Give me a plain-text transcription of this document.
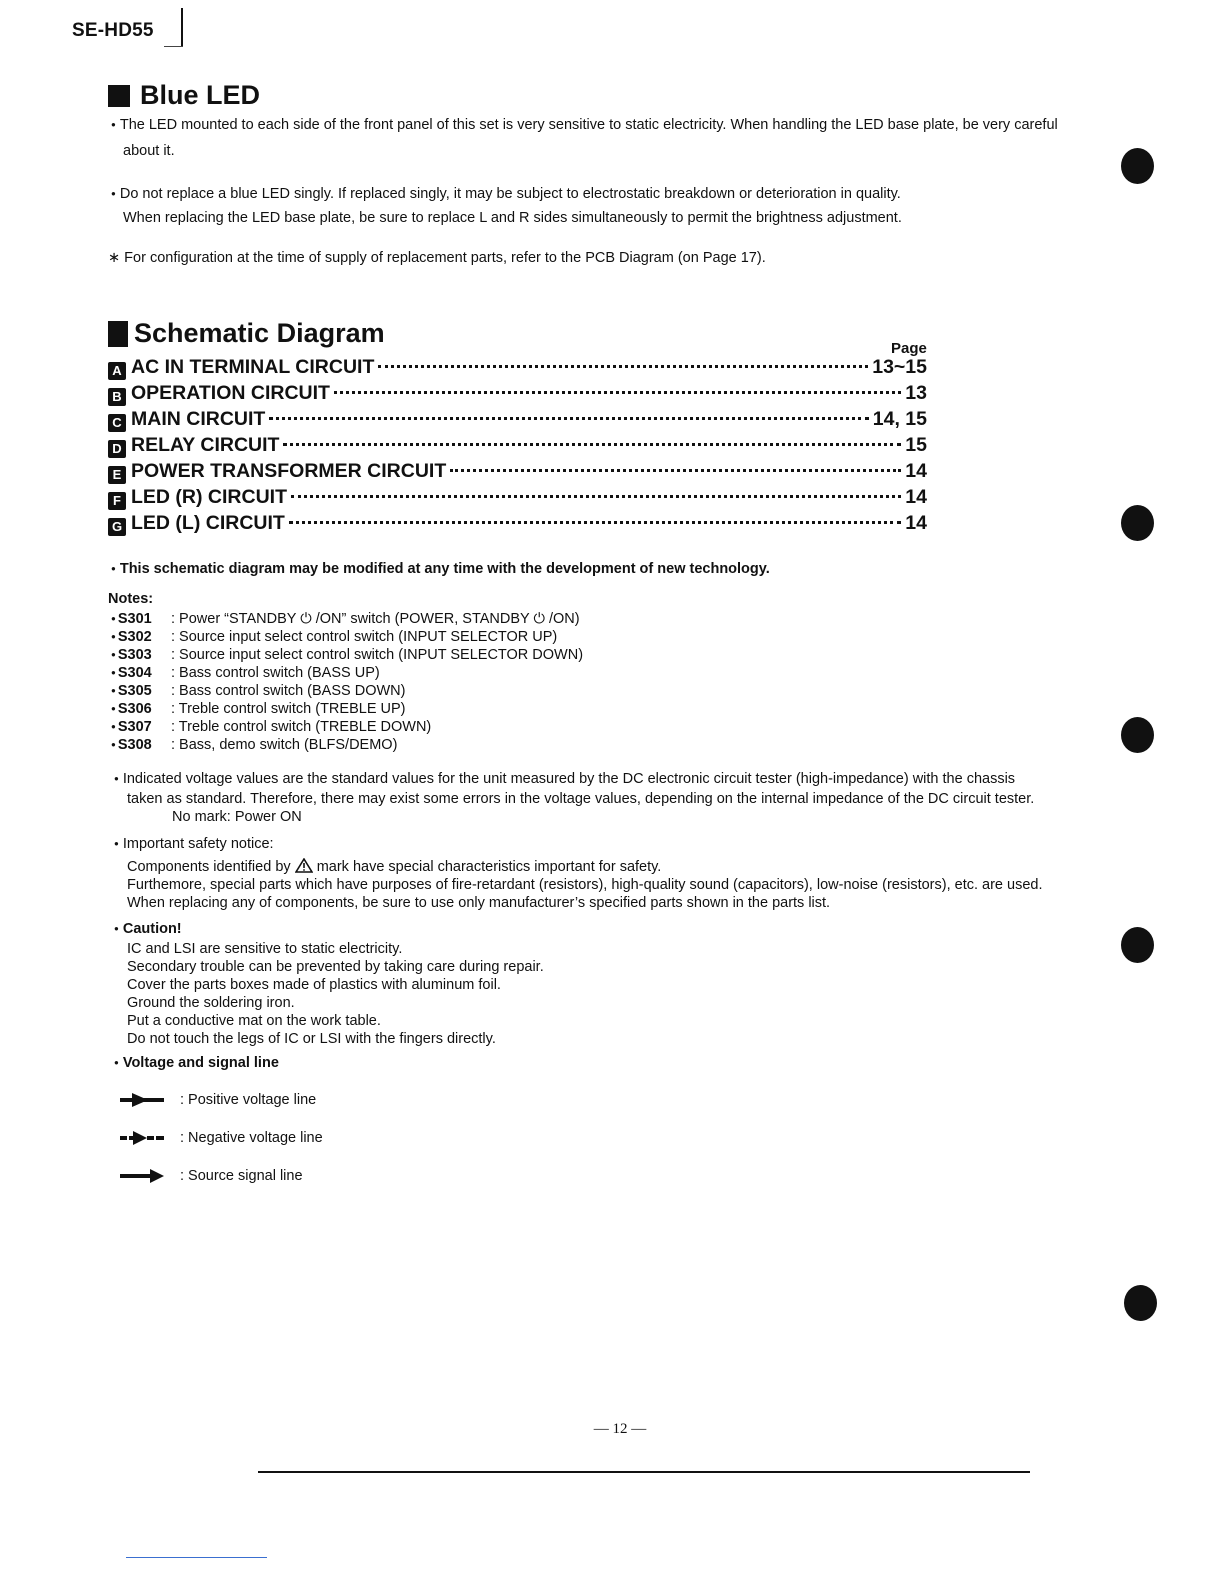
SE-HD55
Blue LED
● The LED mounted to each side of the front panel of this set is very sensitive to static electricity. When handling the LED base plate, be very careful
about it.
● Do not replace a blue LED singly. If replaced singly, it may be subject to electrostatic breakdown or deterioration in quality.
When replacing the LED base plate, be sure to replace L and R sides simultaneously to permit the brightness adjustment.
∗ For configuration at the time of supply of replacement parts, refer to the PCB Diagram (on Page 17).
Schematic Diagram
Page
A AC IN TERMINAL CIRCUIT	13~15
B OPERATION CIRCUIT	13
C MAIN CIRCUIT	14, 15
D RELAY CIRCUIT	15
E POWER TRANSFORMER CIRCUIT	14
F LED (R) CIRCUIT	14
G LED (L) CIRCUIT	14
● This schematic diagram may be modified at any time with the development of new technology.
Notes:
● S301	: Power “STANDBY ⏻ /ON” switch (POWER, STANDBY ⏻ /ON)
● S302	: Source input select control switch (INPUT SELECTOR UP)
● S303	: Source input select control switch (INPUT SELECTOR DOWN)
● S304	: Bass control switch (BASS UP)
● S305	: Bass control switch (BASS DOWN)
● S306	: Treble control switch (TREBLE UP)
● S307	: Treble control switch (TREBLE DOWN)
● S308	: Bass, demo switch (BLFS/DEMO)
● Indicated voltage values are the standard values for the unit measured by the DC electronic circuit tester (high-impedance) with the chassis
taken as standard. Therefore, there may exist some errors in the voltage values, depending on the internal impedance of the DC circuit tester.
No mark: Power ON
● Important safety notice:
Components identified by mark have special characteristics important for safety.
Furthemore, special parts which have purposes of fire-retardant (resistors), high-quality sound (capacitors), low-noise (resistors), etc. are used.
When replacing any of components, be sure to use only manufacturer’s specified parts shown in the parts list.
● Caution!
IC and LSI are sensitive to static electricity.
Secondary trouble can be prevented by taking care during repair.
Cover the parts boxes made of plastics with aluminum foil.
Ground the soldering iron.
Put a conductive mat on the work table.
Do not touch the legs of IC or LSI with the fingers directly.
● Voltage and signal line
: Positive voltage line
: Negative voltage line
: Source signal line
— 12 —
